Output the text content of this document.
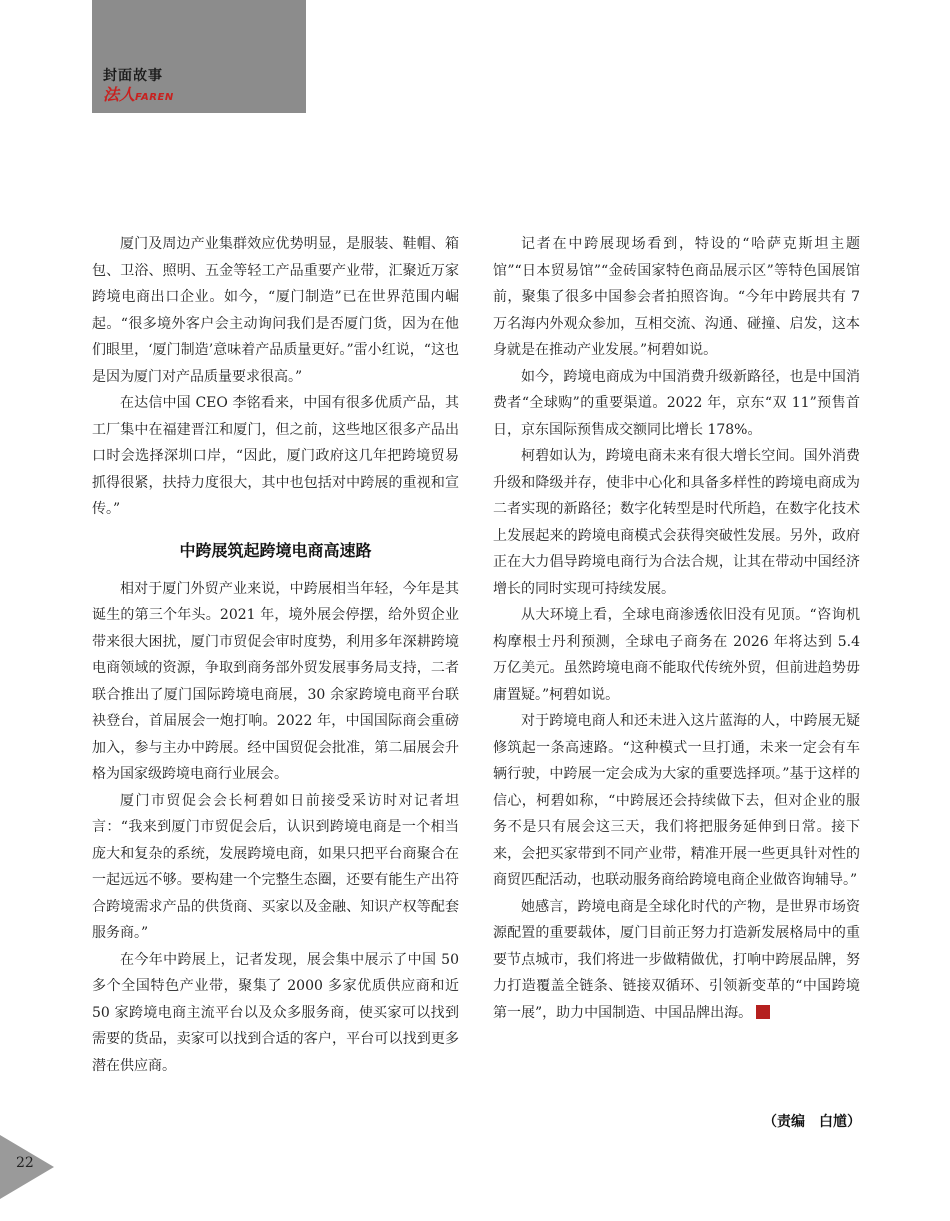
封面故事
法人FAREN

厦门及周边产业集群效应优势明显，是服装、鞋帽、箱包、卫浴、照明、五金等轻工产品重要产业带，汇聚近万家跨境电商出口企业。如今，“厦门制造”已在世界范围内崛起。“很多境外客户会主动询问我们是否厦门货，因为在他们眼里，‘厦门制造’意味着产品质量更好。”雷小红说，“这也是因为厦门对产品质量要求很高。”

在达信中国 CEO 李铭看来，中国有很多优质产品，其工厂集中在福建晋江和厦门，但之前，这些地区很多产品出口时会选择深圳口岸，“因此，厦门政府这几年把跨境贸易抓得很紧，扶持力度很大，其中也包括对中跨展的重视和宣传。”

中跨展筑起跨境电商高速路

相对于厦门外贸产业来说，中跨展相当年轻，今年是其诞生的第三个年头。2021 年，境外展会停摆，给外贸企业带来很大困扰，厦门市贸促会审时度势，利用多年深耕跨境电商领域的资源，争取到商务部外贸发展事务局支持，二者联合推出了厦门国际跨境电商展，30 余家跨境电商平台联袂登台，首届展会一炮打响。2022 年，中国国际商会重磅加入，参与主办中跨展。经中国贸促会批准，第二届展会升格为国家级跨境电商行业展会。

厦门市贸促会会长柯碧如日前接受采访时对记者坦言：“我来到厦门市贸促会后，认识到跨境电商是一个相当庞大和复杂的系统，发展跨境电商，如果只把平台商聚合在一起远远不够。要构建一个完整生态圈，还要有能生产出符合跨境需求产品的供货商、买家以及金融、知识产权等配套服务商。”

在今年中跨展上，记者发现，展会集中展示了中国 50 多个全国特色产业带，聚集了 2000 多家优质供应商和近 50 家跨境电商主流平台以及众多服务商，使买家可以找到需要的货品，卖家可以找到合适的客户，平台可以找到更多潜在供应商。

记者在中跨展现场看到，特设的“哈萨克斯坦主题馆”“日本贸易馆”“金砖国家特色商品展示区”等特色国展馆前，聚集了很多中国参会者拍照咨询。“今年中跨展共有 7 万名海内外观众参加，互相交流、沟通、碰撞、启发，这本身就是在推动产业发展。”柯碧如说。

如今，跨境电商成为中国消费升级新路径，也是中国消费者“全球购”的重要渠道。2022 年，京东“双 11”预售首日，京东国际预售成交额同比增长 178%。

柯碧如认为，跨境电商未来有很大增长空间。国外消费升级和降级并存，使非中心化和具备多样性的跨境电商成为二者实现的新路径；数字化转型是时代所趋，在数字化技术上发展起来的跨境电商模式会获得突破性发展。另外，政府正在大力倡导跨境电商行为合法合规，让其在带动中国经济增长的同时实现可持续发展。

从大环境上看，全球电商渗透依旧没有见顶。“咨询机构摩根士丹利预测，全球电子商务在 2026 年将达到 5.4 万亿美元。虽然跨境电商不能取代传统外贸，但前进趋势毋庸置疑。”柯碧如说。

对于跨境电商人和还未进入这片蓝海的人，中跨展无疑修筑起一条高速路。“这种模式一旦打通，未来一定会有车辆行驶，中跨展一定会成为大家的重要选择项。”基于这样的信心，柯碧如称，“中跨展还会持续做下去，但对企业的服务不是只有展会这三天，我们将把服务延伸到日常。接下来，会把买家带到不同产业带，精准开展一些更具针对性的商贸匹配活动，也联动服务商给跨境电商企业做咨询辅导。”

她感言，跨境电商是全球化时代的产物，是世界市场资源配置的重要载体，厦门目前正努力打造新发展格局中的重要节点城市，我们将进一步做精做优，打响中跨展品牌，努力打造覆盖全链条、链接双循环、引领新变革的“中国跨境第一展”，助力中国制造、中国品牌出海。

（责编　白馗）
22
